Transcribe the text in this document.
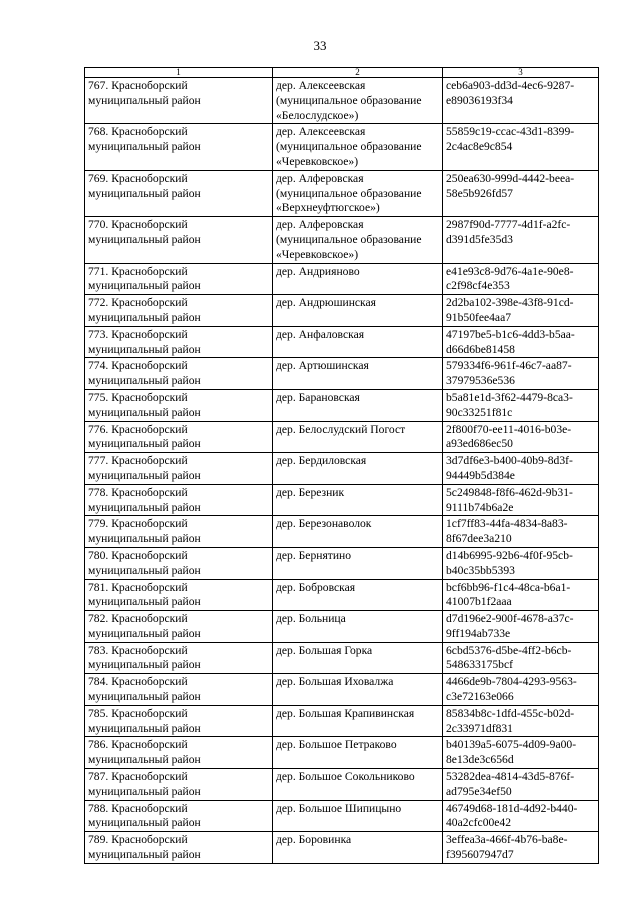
33
1	2	3
767. Красноборский муниципальный район	дер. Алексеевская (муниципальное образование «Белослудское»)	ceb6a903-dd3d-4ec6-9287-e89036193f34
768. Красноборский муниципальный район	дер. Алексеевская (муниципальное образование «Черевковское»)	55859c19-ccac-43d1-8399-2c4ac8e9c854
769. Красноборский муниципальный район	дер. Алферовская (муниципальное образование «Верхнеуфтюгское»)	250ea630-999d-4442-beea-58e5b926fd57
770. Красноборский муниципальный район	дер. Алферовская (муниципальное образование «Черевковское»)	2987f90d-7777-4d1f-a2fc-d391d5fe35d3
771. Красноборский муниципальный район	дер. Андрияново	e41e93c8-9d76-4a1e-90e8-c2f98cf4e353
772. Красноборский муниципальный район	дер. Андрюшинская	2d2ba102-398e-43f8-91cd-91b50fee4aa7
773. Красноборский муниципальный район	дер. Анфаловская	47197be5-b1c6-4dd3-b5aa-d66d6be81458
774. Красноборский муниципальный район	дер. Артюшинская	579334f6-961f-46c7-aa87-37979536e536
775. Красноборский муниципальный район	дер. Барановская	b5a81e1d-3f62-4479-8ca3-90c33251f81c
776. Красноборский муниципальный район	дер. Белослудский Погост	2f800f70-ee11-4016-b03e-a93ed686ec50
777. Красноборский муниципальный район	дер. Бердиловская	3d7df6e3-b400-40b9-8d3f-94449b5d384e
778. Красноборский муниципальный район	дер. Березник	5c249848-f8f6-462d-9b31-9111b74b6a2e
779. Красноборский муниципальный район	дер. Березонаволок	1cf7ff83-44fa-4834-8a83-8f67dee3a210
780. Красноборский муниципальный район	дер. Бернятино	d14b6995-92b6-4f0f-95cb-b40c35bb5393
781. Красноборский муниципальный район	дер. Бобровская	bcf6bb96-f1c4-48ca-b6a1-41007b1f2aaa
782. Красноборский муниципальный район	дер. Больница	d7d196e2-900f-4678-a37c-9ff194ab733e
783. Красноборский муниципальный район	дер. Большая Горка	6cbd5376-d5be-4ff2-b6cb-548633175bcf
784. Красноборский муниципальный район	дер. Большая Иховалжа	4466de9b-7804-4293-9563-c3e72163e066
785. Красноборский муниципальный район	дер. Большая Крапивинская	85834b8c-1dfd-455c-b02d-2c33971df831
786. Красноборский муниципальный район	дер. Большое Петраково	b40139a5-6075-4d09-9a00-8e13de3c656d
787. Красноборский муниципальный район	дер. Большое Сокольниково	53282dea-4814-43d5-876f-ad795e34ef50
788. Красноборский муниципальный район	дер. Большое Шипицыно	46749d68-181d-4d92-b440-40a2cfc00e42
789. Красноборский муниципальный район	дер. Боровинка	3effea3a-466f-4b76-ba8e-f395607947d7
